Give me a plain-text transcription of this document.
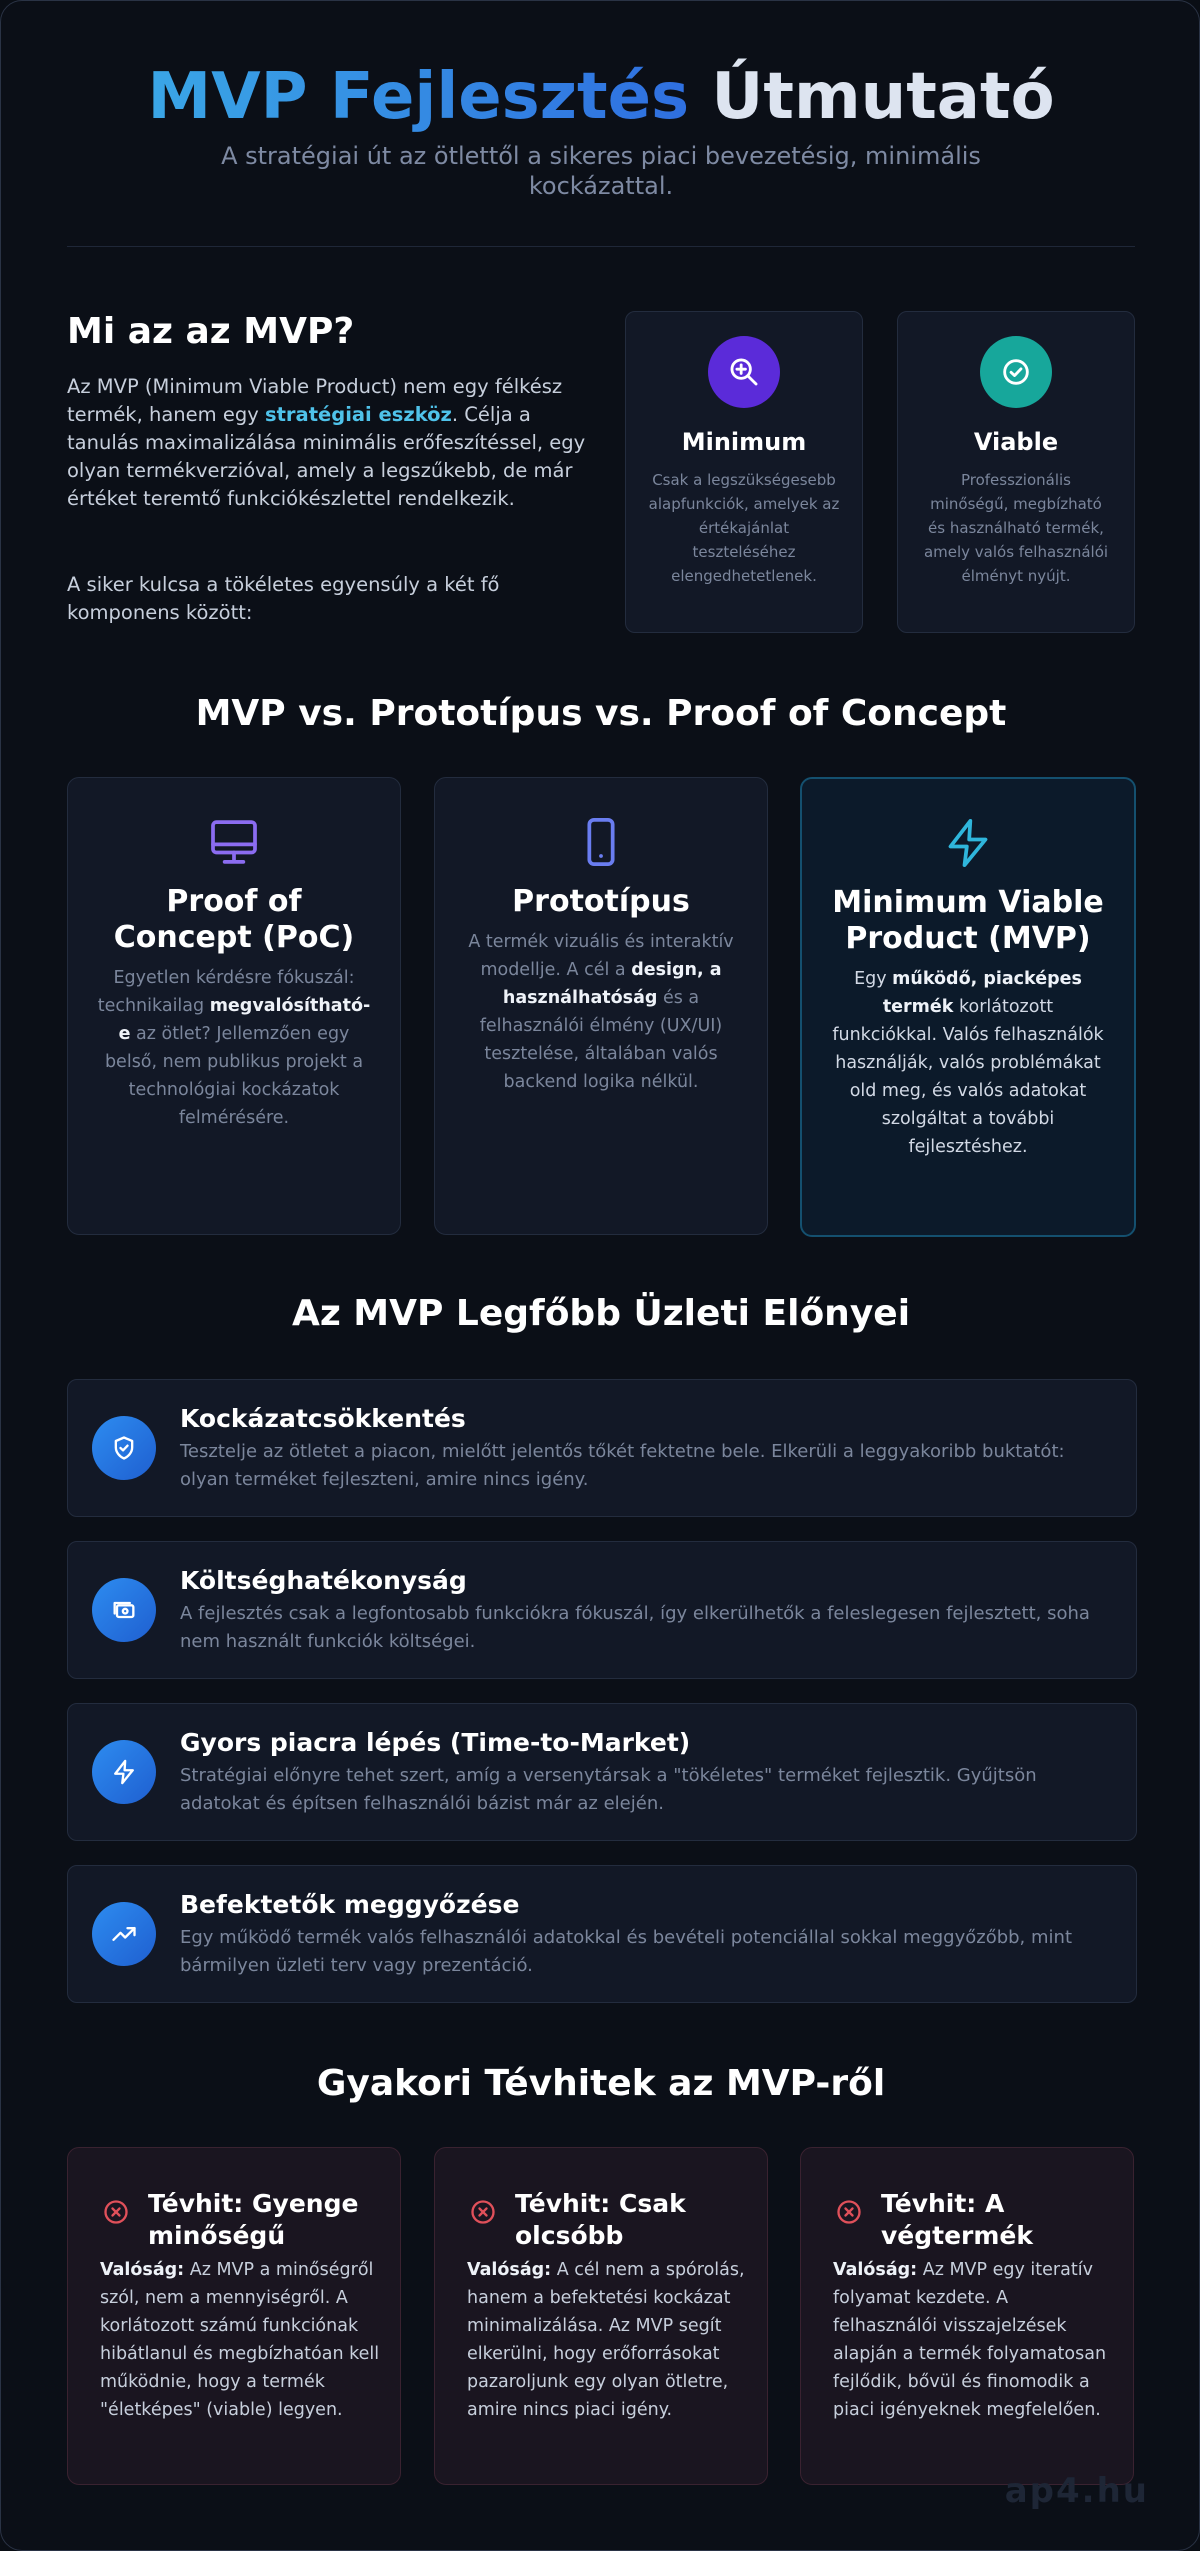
MVP Fejlesztés Útmutató
A stratégiai út az ötlettől a sikeres piaci bevezetésig, minimális kockázattal.
Mi az az MVP?
Az MVP (Minimum Viable Product) nem egy félkész termék, hanem egy stratégiai eszköz. Célja a tanulás maximalizálása minimális erőfeszítéssel, egy olyan termékverzióval, amely a legszűkebb, de már értéket teremtő funkciókészlettel rendelkezik.
A siker kulcsa a tökéletes egyensúly a két fő komponens között:
Minimum

Csak a legszükségesebb alapfunkciók, amelyek az értékajánlat teszteléséhez elengedhetetlenek.

Viable

Professzionális minőségű, megbízható és használható termék, amely valós felhasználói élményt nyújt.

MVP vs. Prototípus vs. Proof of Concept
Proof of Concept (PoC)

Egyetlen kérdésre fókuszál: technikailag megvalósítható-e az ötlet? Jellemzően egy belső, nem publikus projekt a technológiai kockázatok felmérésére.

Prototípus

A termék vizuális és interaktív modellje. A cél a design, a használhatóság és a felhasználói élmény (UX/UI) tesztelése, általában valós backend logika nélkül.

Minimum Viable Product (MVP)

Egy működő, piacképes termék korlátozott funkciókkal. Valós felhasználók használják, valós problémákat old meg, és valós adatokat szolgáltat a további fejlesztéshez.

Az MVP Legfőbb Üzleti Előnyei
Kockázatcsökkentés

Tesztelje az ötletet a piacon, mielőtt jelentős tőkét fektetne bele. Elkerüli a leggyakoribb buktatót: olyan terméket fejleszteni, amire nincs igény.

Költséghatékonyság

A fejlesztés csak a legfontosabb funkciókra fókuszál, így elkerülhetők a feleslegesen fejlesztett, soha nem használt funkciók költségei.

Gyors piacra lépés (Time-to-Market)

Stratégiai előnyre tehet szert, amíg a versenytársak a "tökéletes" terméket fejlesztik. Gyűjtsön adatokat és építsen felhasználói bázist már az elején.

Befektetők meggyőzése

Egy működő termék valós felhasználói adatokkal és bevételi potenciállal sokkal meggyőzőbb, mint bármilyen üzleti terv vagy prezentáció.

Gyakori Tévhitek az MVP-ről
Tévhit: Gyenge minőségű

Valóság: Az MVP a minőségről szól, nem a mennyiségről. A korlátozott számú funkciónak hibátlanul és megbízhatóan kell működnie, hogy a termék "életképes" (viable) legyen.

Tévhit: Csak olcsóbb

Valóság: A cél nem a spórolás, hanem a befektetési kockázat minimalizálása. Az MVP segít elkerülni, hogy erőforrásokat pazaroljunk egy olyan ötletre, amire nincs piaci igény.

Tévhit: A végtermék

Valóság: Az MVP egy iteratív folyamat kezdete. A felhasználói visszajelzések alapján a termék folyamatosan fejlődik, bővül és finomodik a piaci igényeknek megfelelően.

ap4.hu
